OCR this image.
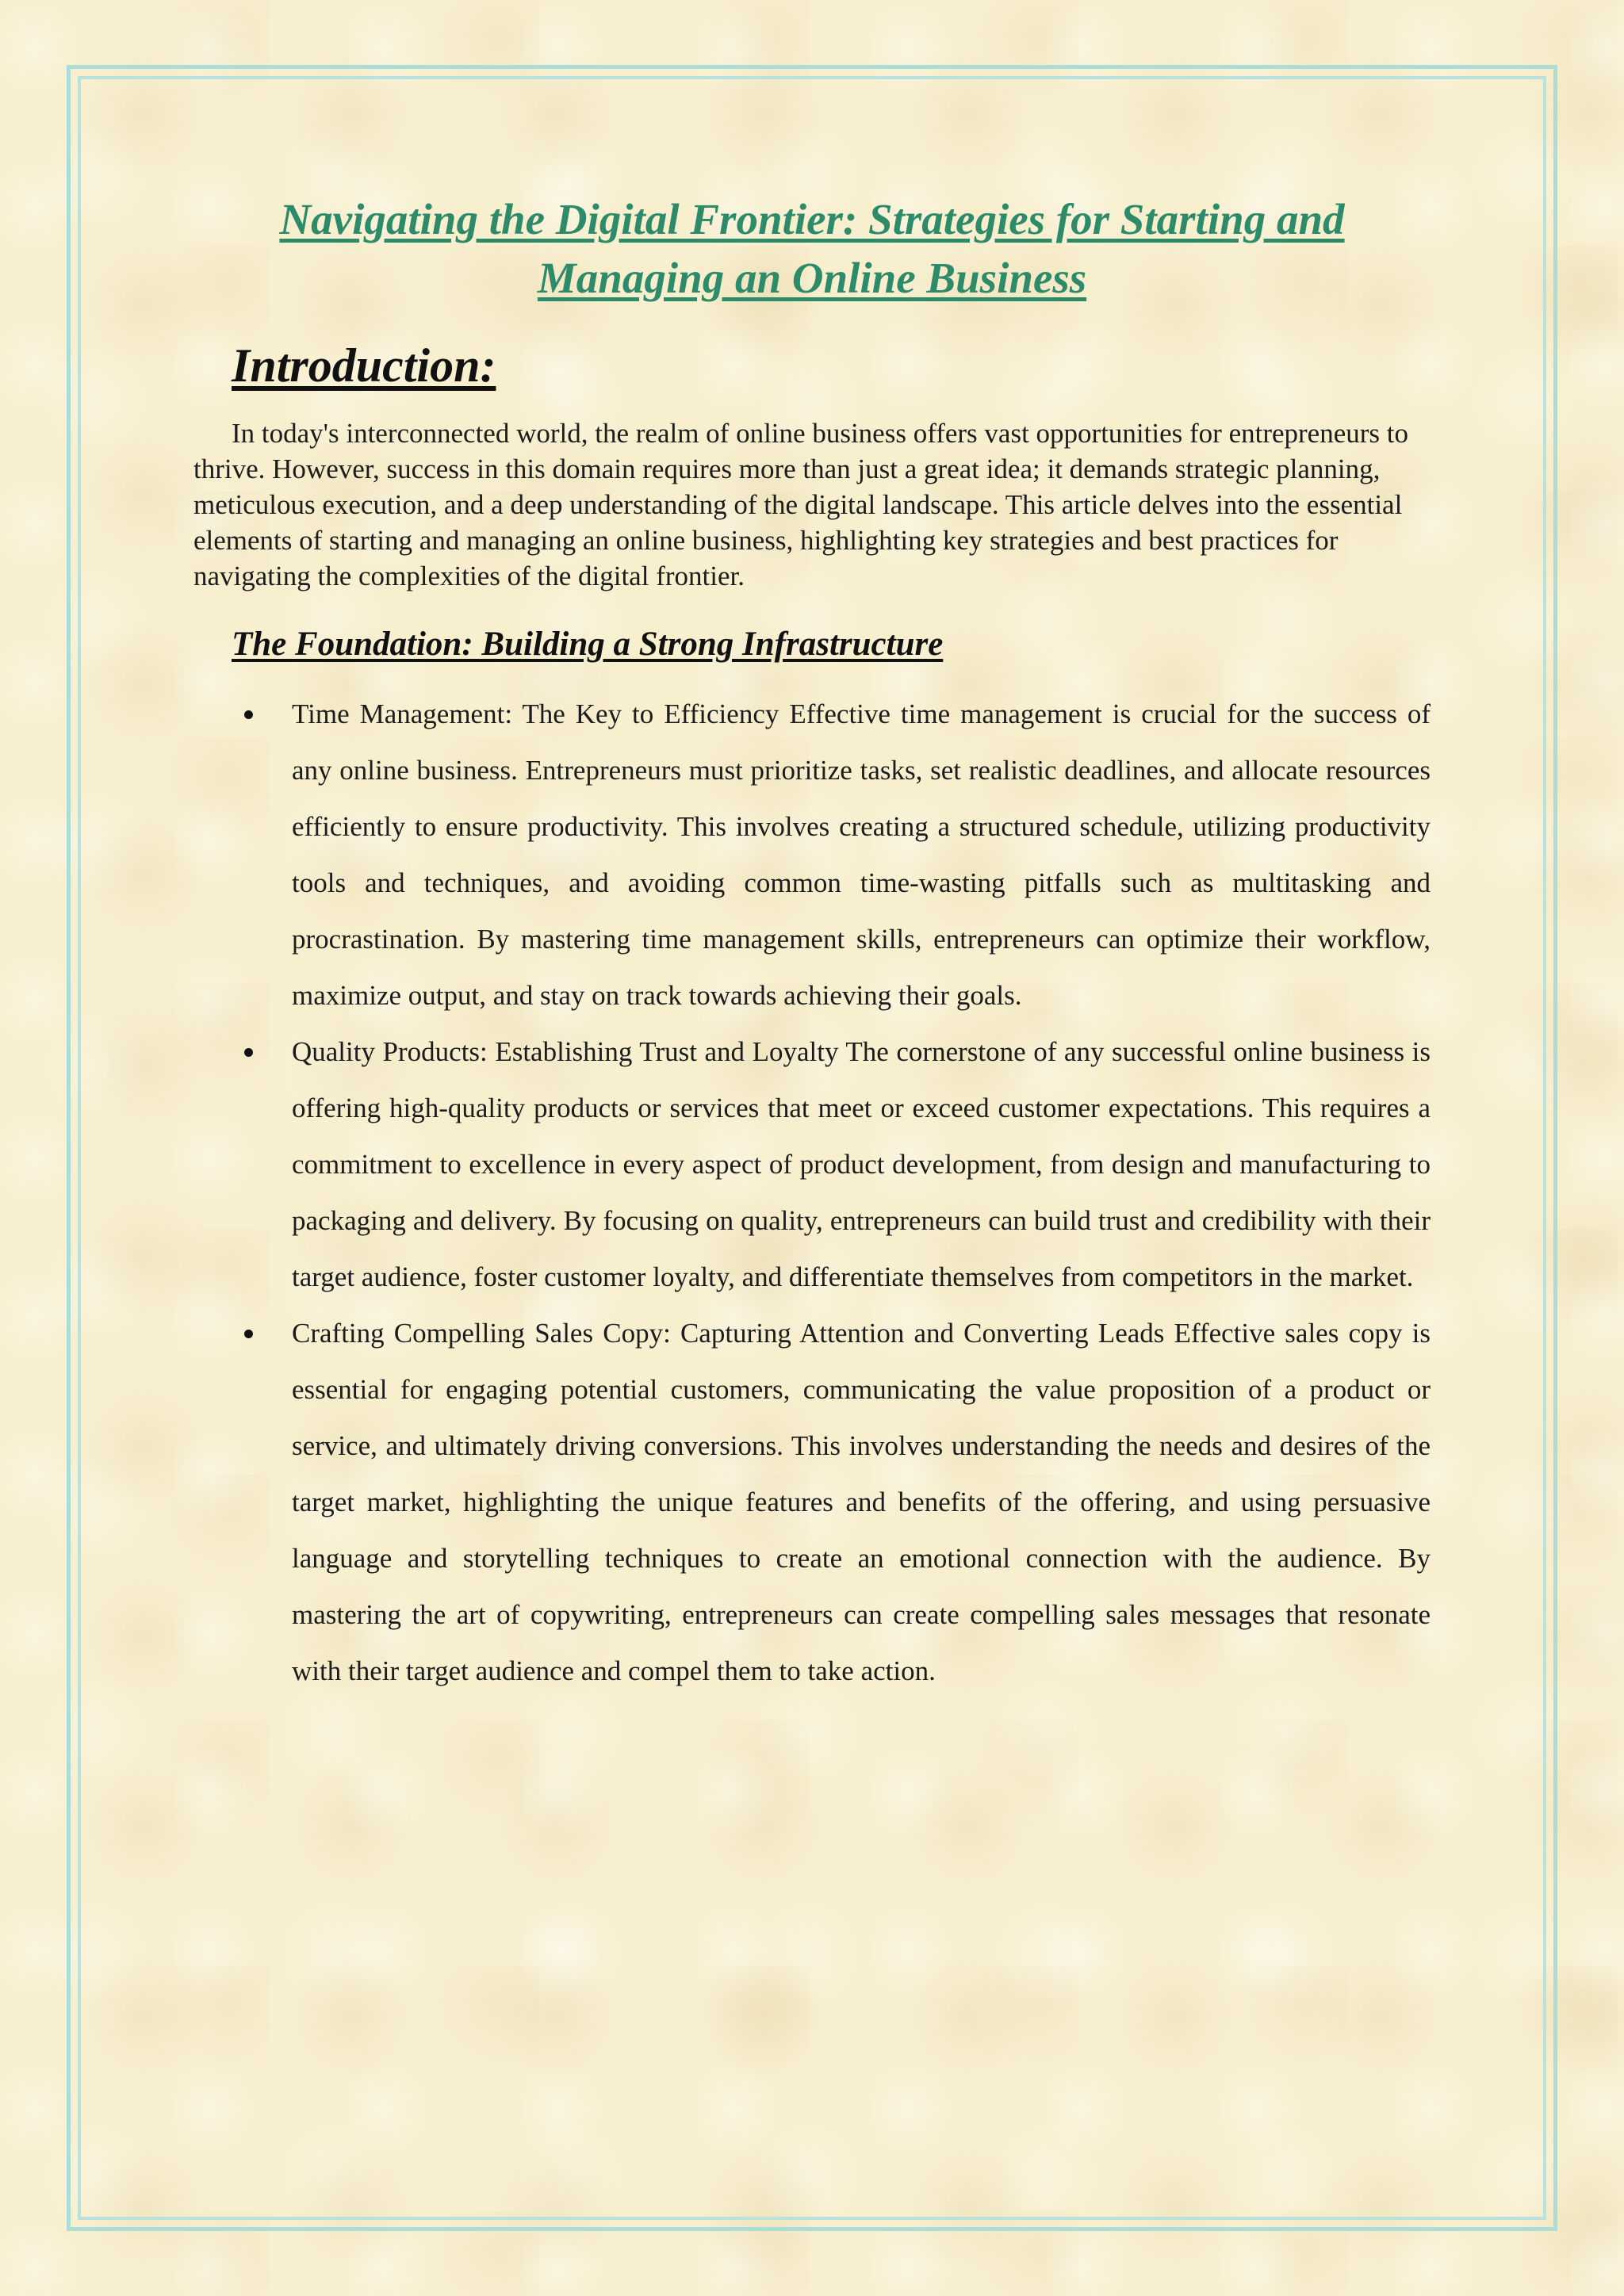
Navigating the Digital Frontier: Strategies for Starting and Managing an Online Business
Introduction:

In today's interconnected world, the realm of online business offers vast opportunities for entrepreneurs to thrive. However, success in this domain requires more than just a great idea; it demands strategic planning, meticulous execution, and a deep understanding of the digital landscape. This article delves into the essential elements of starting and managing an online business, highlighting key strategies and best practices for navigating the complexities of the digital frontier.

The Foundation: Building a Strong Infrastructure
Time Management: The Key to Efficiency Effective time management is crucial for the success of any online business. Entrepreneurs must prioritize tasks, set realistic deadlines, and allocate resources efficiently to ensure productivity. This involves creating a structured schedule, utilizing productivity tools and techniques, and avoiding common time-wasting pitfalls such as multitasking and procrastination. By mastering time management skills, entrepreneurs can optimize their workflow, maximize output, and stay on track towards achieving their goals.
Quality Products: Establishing Trust and Loyalty The cornerstone of any successful online business is offering high-quality products or services that meet or exceed customer expectations. This requires a commitment to excellence in every aspect of product development, from design and manufacturing to packaging and delivery. By focusing on quality, entrepreneurs can build trust and credibility with their target audience, foster customer loyalty, and differentiate themselves from competitors in the market.
Crafting Compelling Sales Copy: Capturing Attention and Converting Leads Effective sales copy is essential for engaging potential customers, communicating the value proposition of a product or service, and ultimately driving conversions. This involves understanding the needs and desires of the target market, highlighting the unique features and benefits of the offering, and using persuasive language and storytelling techniques to create an emotional connection with the audience. By mastering the art of copywriting, entrepreneurs can create compelling sales messages that resonate with their target audience and compel them to take action.
